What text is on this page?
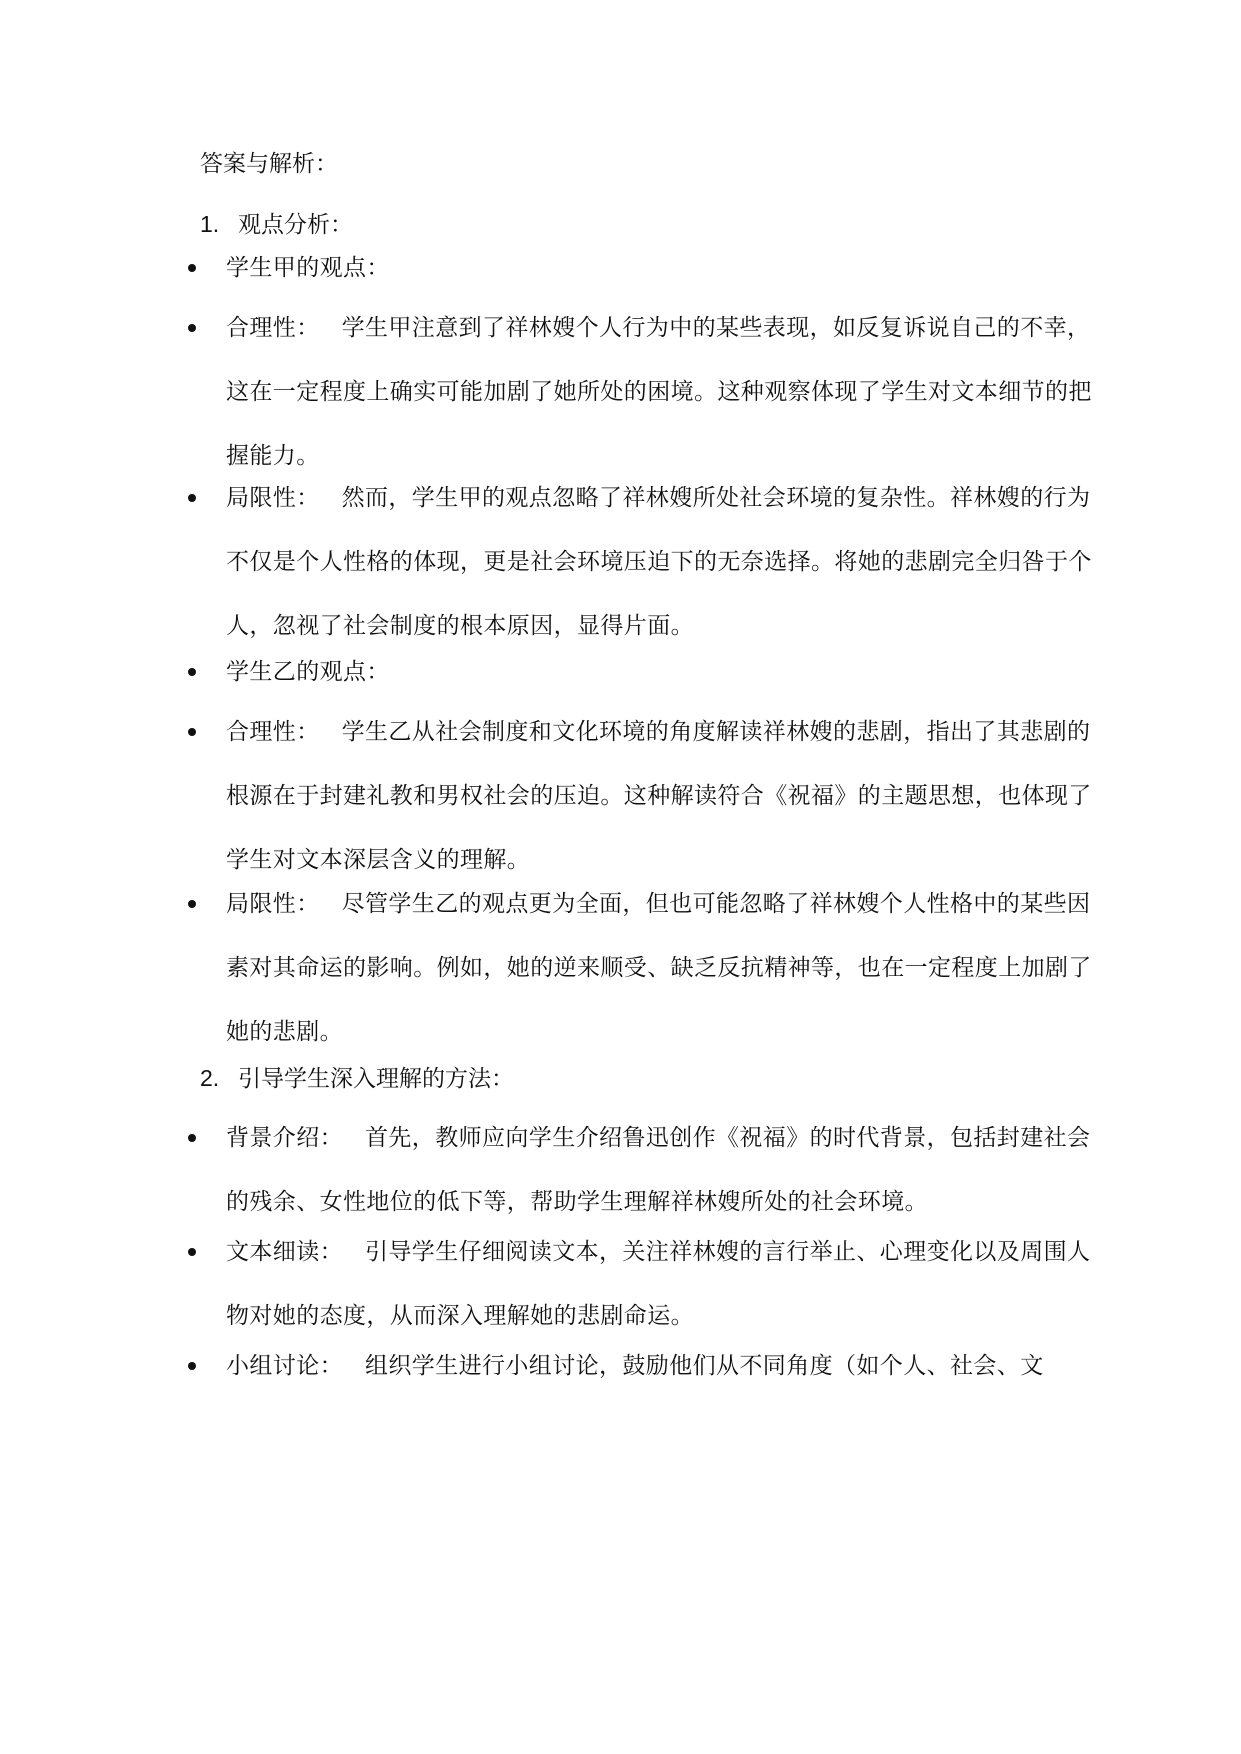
答案与解析：
1. 观点分析：
学生甲的观点：
合理性： 学生甲注意到了祥林嫂个人行为中的某些表现，如反复诉说自己的不幸，这在一定程度上确实可能加剧了她所处的困境。这种观察体现了学生对文本细节的把握能力。
局限性： 然而，学生甲的观点忽略了祥林嫂所处社会环境的复杂性。祥林嫂的行为不仅是个人性格的体现，更是社会环境压迫下的无奈选择。将她的悲剧完全归咎于个人，忽视了社会制度的根本原因，显得片面。
学生乙的观点：
合理性： 学生乙从社会制度和文化环境的角度解读祥林嫂的悲剧，指出了其悲剧的根源在于封建礼教和男权社会的压迫。这种解读符合《祝福》的主题思想，也体现了学生对文本深层含义的理解。
局限性： 尽管学生乙的观点更为全面，但也可能忽略了祥林嫂个人性格中的某些因素对其命运的影响。例如，她的逆来顺受、缺乏反抗精神等，也在一定程度上加剧了她的悲剧。
2. 引导学生深入理解的方法：
背景介绍： 首先，教师应向学生介绍鲁迅创作《祝福》的时代背景，包括封建社会的残余、女性地位的低下等，帮助学生理解祥林嫂所处的社会环境。
文本细读： 引导学生仔细阅读文本，关注祥林嫂的言行举止、心理变化以及周围人物对她的态度，从而深入理解她的悲剧命运。
小组讨论： 组织学生进行小组讨论，鼓励他们从不同角度（如个人、社会、文
